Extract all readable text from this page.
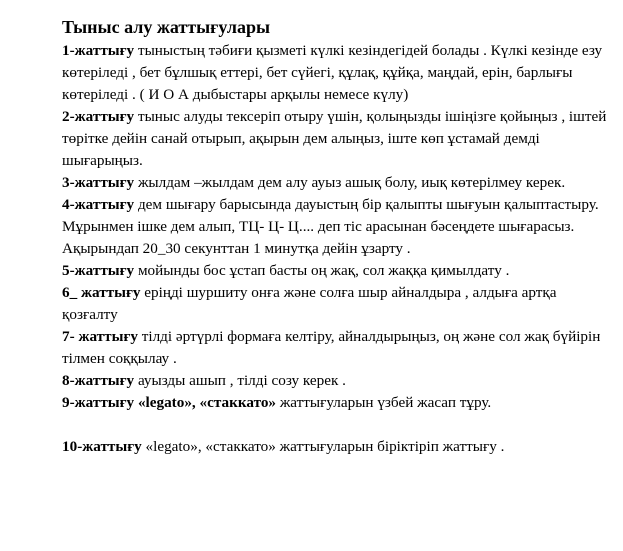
Тыныс алу жаттығулары

1-жаттығу тыныстың тәбиғи қызметі күлкі кезіндегідей болады . Күлкі кезінде езу көтеріледі , бет бұлшық еттері, бет сүйегі, құлақ, құйқа, маңдай, ерін, барлығы көтеріледі . ( И О А дыбыстары арқылы немесе күлу)

2-жаттығу тыныс алуды тексеріп отыру үшін, қолыңызды ішіңізге қойыңыз , іштей төрітке дейін санай отырып, ақырын дем алыңыз, іште көп ұстамай демді шығарыңыз.

3-жаттығу жылдам –жылдам дем алу ауыз ашық болу, иық көтерілмеу керек.

4-жаттығу дем шығару барысында дауыстың бір қалыпты шығуын қалыптастыру. Мұрынмен ішке дем алып, ТЦ- Ц- Ц.... деп тіс арасынан бәсеңдете шығарасыз. Ақырындап 20_30 секунттан 1 минутқа дейін ұзарту .

5-жаттығу мойынды бос ұстап басты оң жақ, сол жаққа қимылдату .

6_ жаттығу еріңді шуршиту онға және солға шыр айналдыра , алдыға артқа қозғалту

7- жаттығу тілді әртүрлі формаға келтіру, айналдырыңыз, оң және сол жақ бүйірін тілмен соққылау .

8-жаттығу ауызды ашып , тілді созу керек .

9-жаттығу «legato», «стаккато» жаттығуларын үзбей жасап тұру.

10-жаттығу «legato», «стаккато» жаттығуларын біріктіріп жаттығу .
